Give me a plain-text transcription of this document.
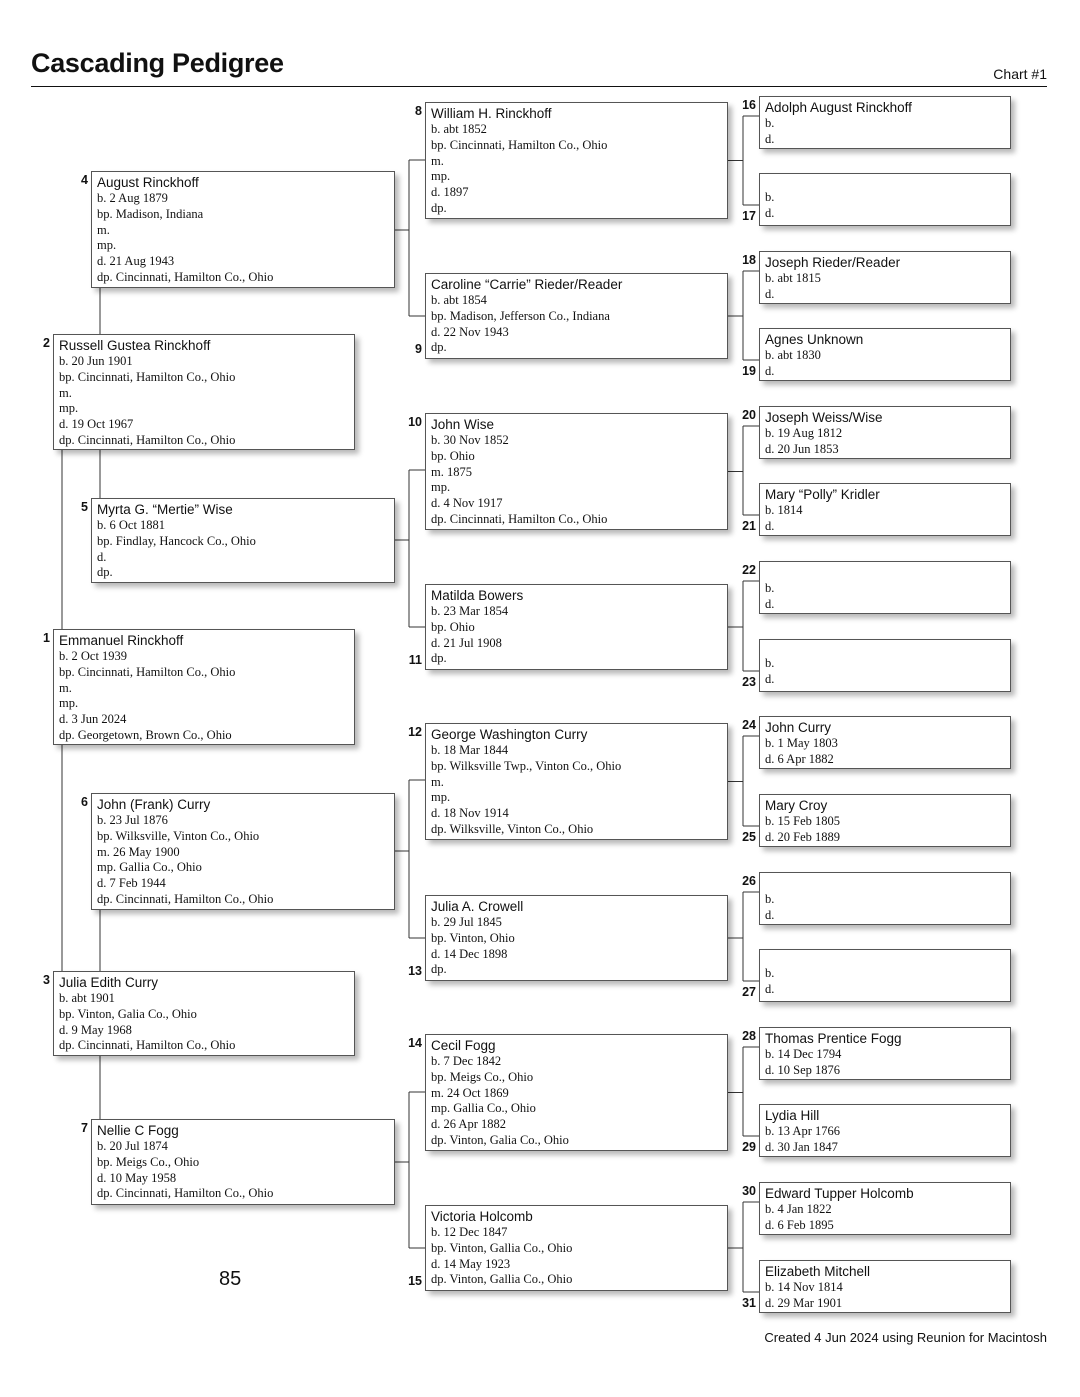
Cascading Pedigree	Chart #1
Emmanuel Rinckhoff
b. 2 Oct 1939
bp. Cincinnati, Hamilton Co., Ohio
m.
mp.
d. 3 Jun 2024
dp. Georgetown, Brown Co., Ohio
1
Russell Gustea Rinckhoff
b. 20 Jun 1901
bp. Cincinnati, Hamilton Co., Ohio
m.
mp.
d. 19 Oct 1967
dp. Cincinnati, Hamilton Co., Ohio
2
Julia Edith Curry
b. abt 1901
bp. Vinton, Galia Co., Ohio
d. 9 May 1968
dp. Cincinnati, Hamilton Co., Ohio
3
August Rinckhoff
b. 2 Aug 1879
bp. Madison, Indiana
m.
mp.
d. 21 Aug 1943
dp. Cincinnati, Hamilton Co., Ohio
4
Myrta G. “Mertie” Wise
b. 6 Oct 1881
bp. Findlay, Hancock Co., Ohio
d.
dp.
5
John (Frank) Curry
b. 23 Jul 1876
bp. Wilksville, Vinton Co., Ohio
m. 26 May 1900
mp. Gallia Co., Ohio
d. 7 Feb 1944
dp. Cincinnati, Hamilton Co., Ohio
6
Nellie C Fogg
b. 20 Jul 1874
bp. Meigs Co., Ohio
d. 10 May 1958
dp. Cincinnati, Hamilton Co., Ohio
7
William H. Rinckhoff
b. abt 1852
bp. Cincinnati, Hamilton Co., Ohio
m.
mp.
d. 1897
dp.
8
Caroline “Carrie” Rieder/Reader
b. abt 1854
bp. Madison, Jefferson Co., Indiana
d. 22 Nov 1943
dp.
9
John Wise
b. 30 Nov 1852
bp. Ohio
m. 1875
mp.
d. 4 Nov 1917
dp. Cincinnati, Hamilton Co., Ohio
10
Matilda Bowers
b. 23 Mar 1854
bp. Ohio
d. 21 Jul 1908
dp.
11
George Washington Curry
b. 18 Mar 1844
bp. Wilksville Twp., Vinton Co., Ohio
m.
mp.
d. 18 Nov 1914
dp. Wilksville, Vinton Co., Ohio
12
Julia A. Crowell
b. 29 Jul 1845
bp. Vinton, Ohio
d. 14 Dec 1898
dp.
13
Cecil Fogg
b. 7 Dec 1842
bp. Meigs Co., Ohio
m. 24 Oct 1869
mp. Gallia Co., Ohio
d. 26 Apr 1882
dp. Vinton, Galia Co., Ohio
14
Victoria Holcomb
b. 12 Dec 1847
bp. Vinton, Gallia Co., Ohio
d. 14 May 1923
dp. Vinton, Gallia Co., Ohio
15
Adolph August Rinckhoff
b.
d.
16
b.
d.
17
Joseph Rieder/Reader
b. abt 1815
d.
18
Agnes Unknown
b. abt 1830
d.
19
Joseph Weiss/Wise
b. 19 Aug 1812
d. 20 Jun 1853
20
Mary “Polly” Kridler
b. 1814
d.
21

b.
d.
22
b.
d.
23
John Curry
b. 1 May 1803
d. 6 Apr 1882
24
Mary Croy
b. 15 Feb 1805
d. 20 Feb 1889
25

b.
d.
26
b.
d.
27
Thomas Prentice Fogg
b. 14 Dec 1794
d. 10 Sep 1876
28
Lydia Hill
b. 13 Apr 1766
d. 30 Jan 1847
29
Edward Tupper Holcomb
b. 4 Jan 1822
d. 6 Feb 1895
30
Elizabeth Mitchell
b. 14 Nov 1814
d. 29 Mar 1901
31
85
Created 4 Jun 2024 using Reunion for Macintosh
